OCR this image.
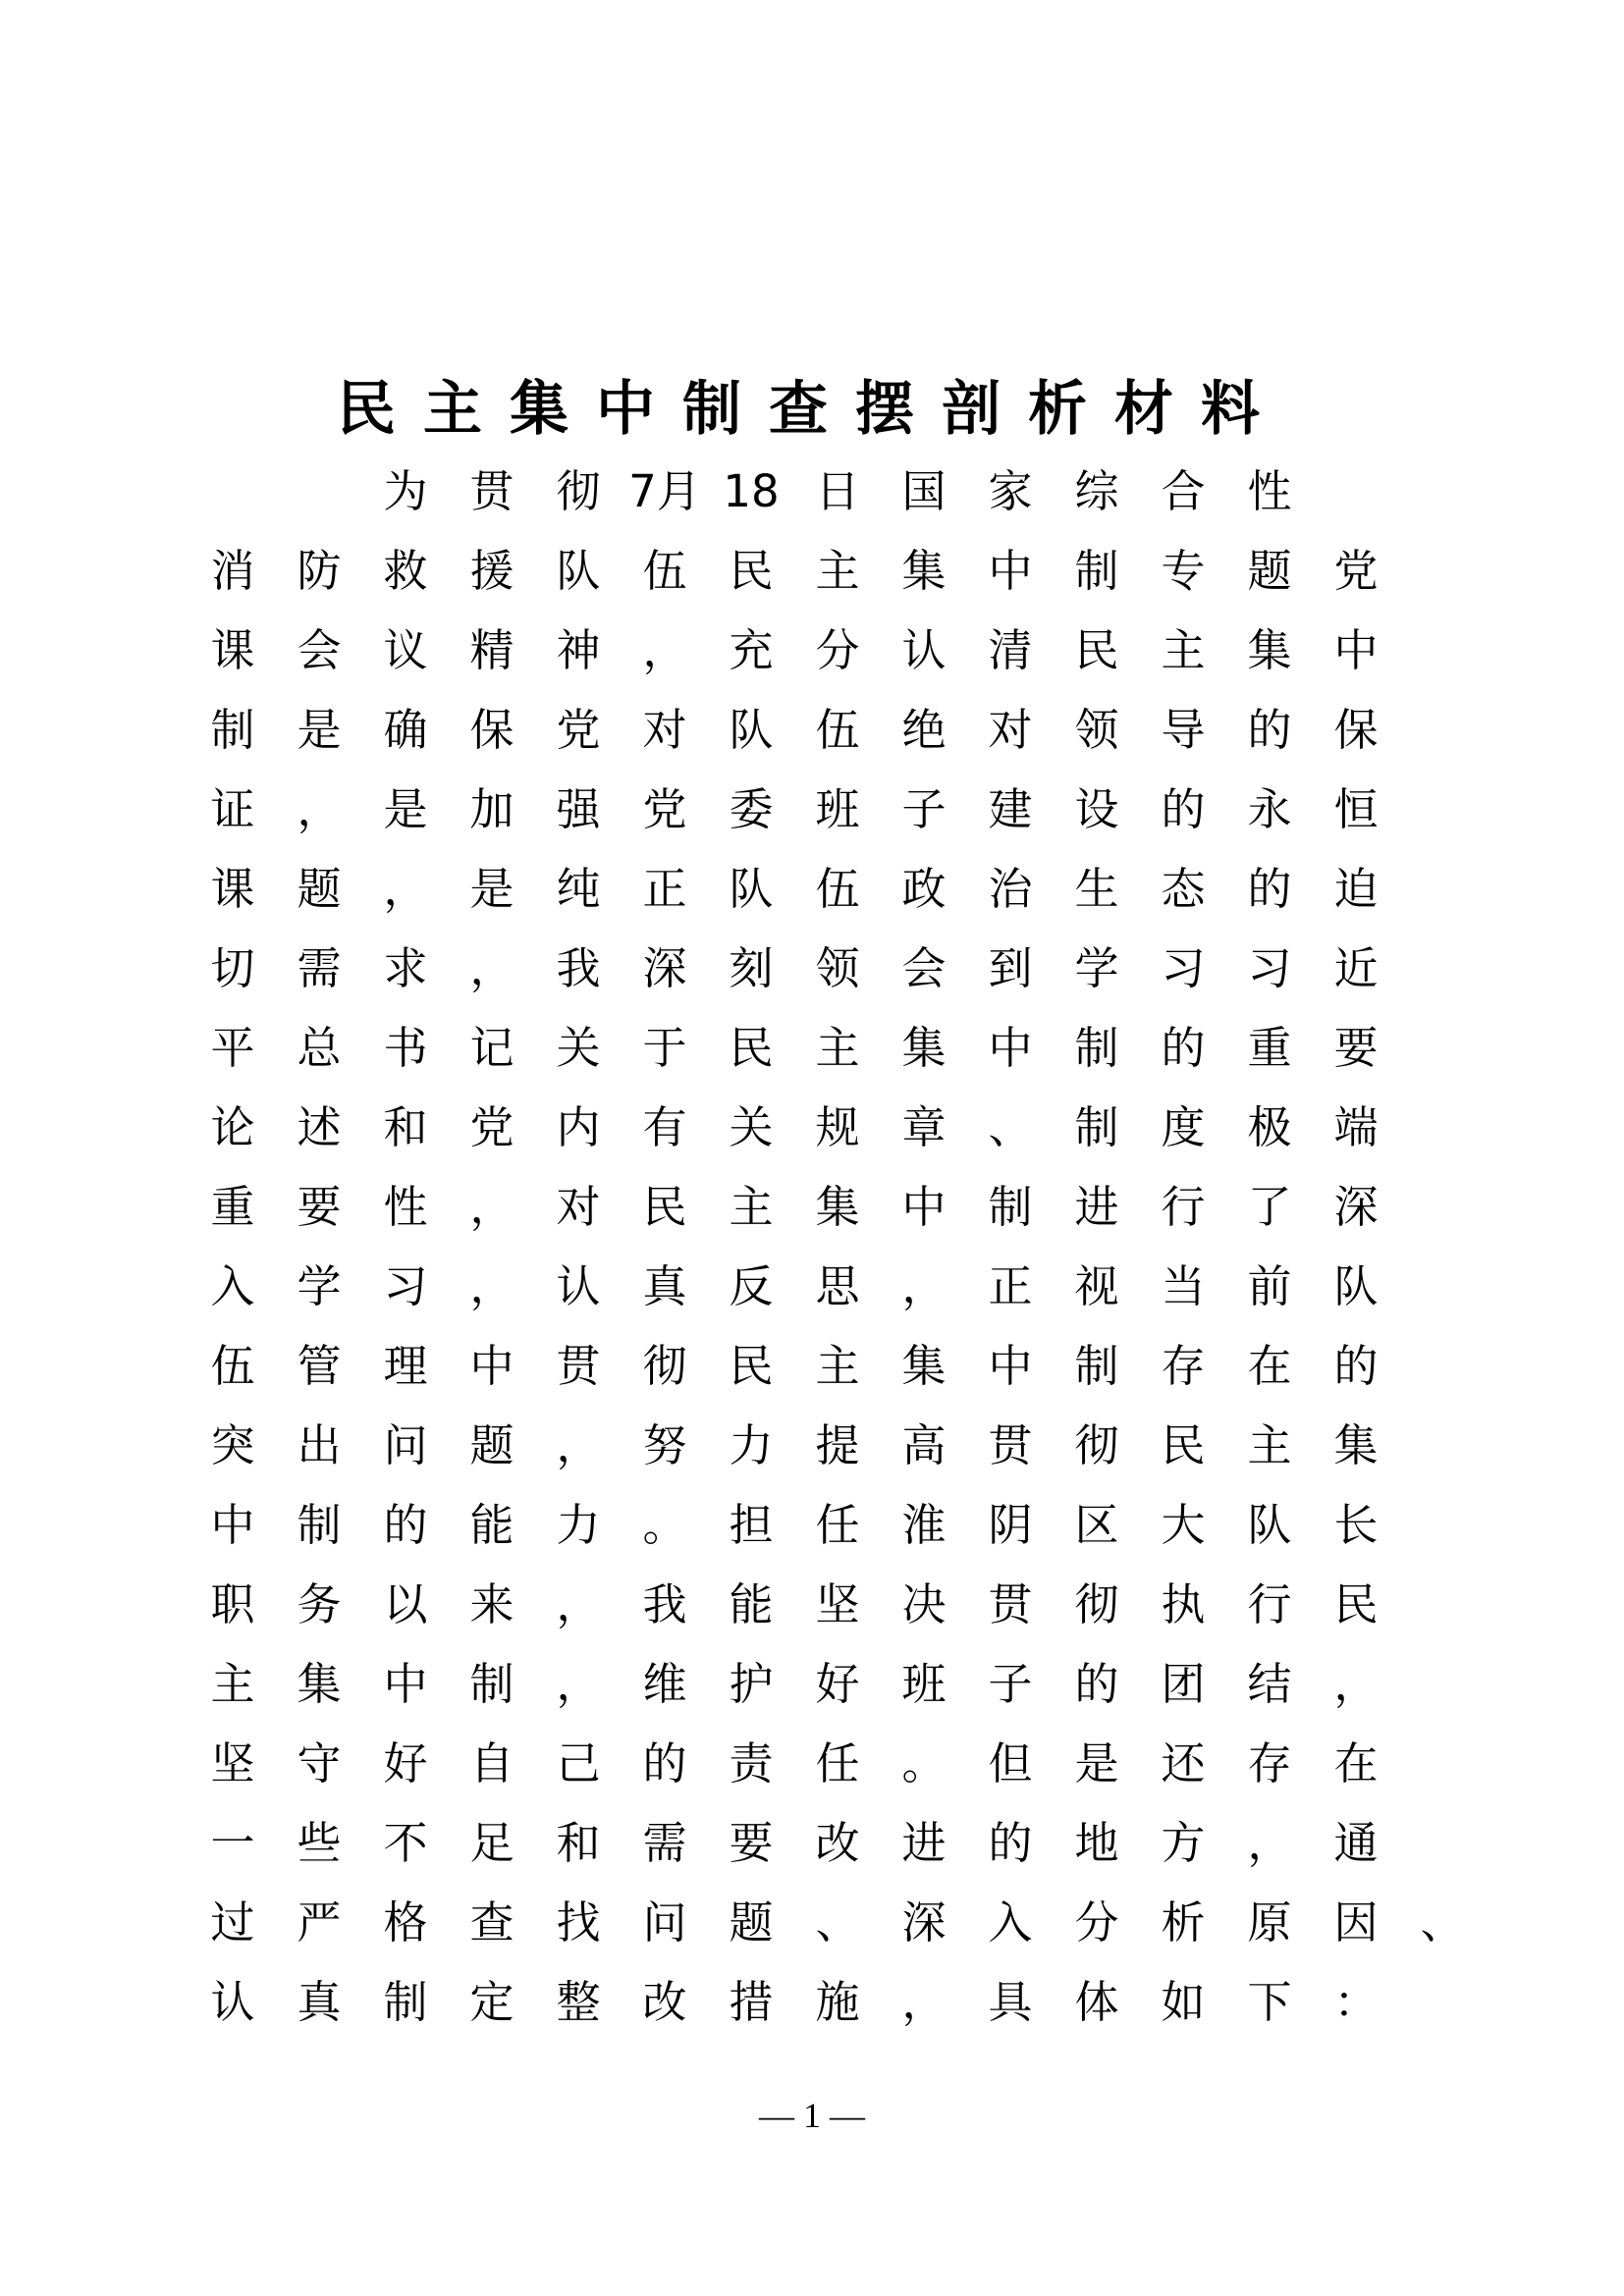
民主集中制查摆剖析材料

为 贯 彻 7月 18 日 国 家 综 合 性
消 防 救 援 队 伍 民 主 集 中 制 专 题 党
课 会 议 精 神 ， 充 分 认 清 民 主 集 中
制 是 确 保 党 对 队 伍 绝 对 领 导 的 保
证 ， 是 加 强 党 委 班 子 建 设 的 永 恒
课 题 ， 是 纯 正 队 伍 政 治 生 态 的 迫
切 需 求 ， 我 深 刻 领 会 到 学 习 习 近
平 总 书 记 关 于 民 主 集 中 制 的 重 要
论 述 和 党 内 有 关 规 章 、 制 度 极 端
重 要 性 ， 对 民 主 集 中 制 进 行 了 深
入 学 习 ， 认 真 反 思 ， 正 视 当 前 队
伍 管 理 中 贯 彻 民 主 集 中 制 存 在 的
突 出 问 题 ， 努 力 提 高 贯 彻 民 主 集
中 制 的 能 力 。 担 任 淮 阴 区 大 队 长
职 务 以 来 ， 我 能 坚 决 贯 彻 执 行 民
主 集 中 制 ， 维 护 好 班 子 的 团 结 ，
坚 守 好 自 己 的 责 任 。 但 是 还 存 在
一 些 不 足 和 需 要 改 进 的 地 方 ， 通
过 严 格 查 找 问 题 、 深 入 分 析 原 因 、
认 真 制 定 整 改 措 施 ， 具 体 如 下 ：
— 1 —
